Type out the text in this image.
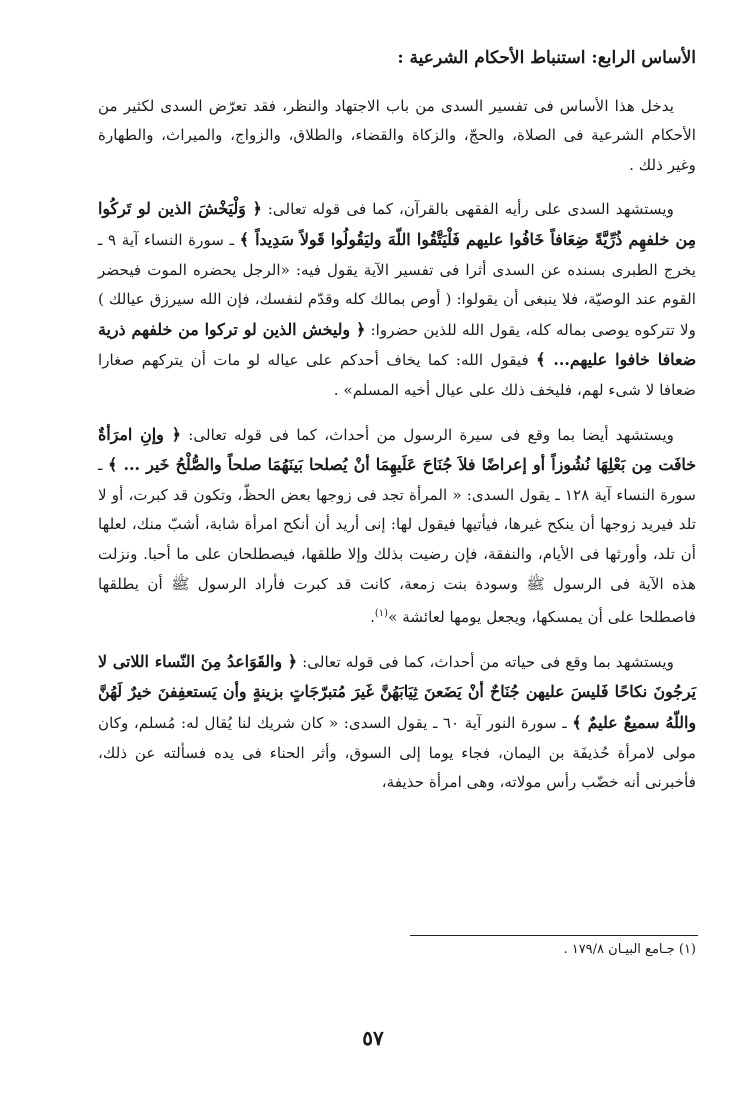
الأساس الرابع: استنباط الأحكام الشرعية :

يدخل هذا الأساس فى تفسير السدى من باب الاجتهاد والنظر، فقد تعرّض السدى لكثير من الأحكام الشرعية فى الصلاة، والحجّ، والزكاة والقضاء، والطلاق، والزواج، والميراث، والطهارة وغير ذلك .

ويستشهد السدى على رأيه الفقهى بالقرآن، كما فى قوله تعالى: ﴿ وَلْيَخْشَ الذين لو تَركُوا مِن خلفهِم ذُرِّيَّةً ضِعَافاً خَافُوا عليهم فَلْيَتَّقُوا اللّهَ وليَقُولُوا قَولاً سَدِيداً ﴾ ـ سورة النساء آية ٩ ـ يخرج الطبرى بسنده عن السدى أثرا فى تفسير الآية يقول فيه: «الرجل يحضره الموت فيحضر القوم عند الوصيّة، فلا ينبغى أن يقولوا: ( أوص بمالك كله وقدّم لنفسك، فإن الله سيرزق عيالك ) ولا تتركوه يوصى بماله كله، يقول الله للذين حضروا: ﴿ وليخش الذين لو تركوا من خلفهم ذرية ضعافا خافوا عليهم... ﴾ فيقول الله: كما يخاف أحدكم على عياله لو مات أن يتركهم صغارا ضعافا لا شىء لهم، فليخف ذلك على عيال أخيه المسلم» .

ويستشهد أيضا بما وقع فى سيرة الرسول من أحداث، كما فى قوله تعالى: ﴿ وإنِ امرَأةٌ خافَت مِن بَعْلِهَا نُشُوزاً أو إعراضًا فلاَ جُنَاحَ عَلَيهِمَا أنْ يُصلحا بَينَهُمَا صلحاً والصُّلْحُ خَير ... ﴾ ـ سورة النساء آية ١٢٨ ـ يقول السدى: « المرأة تجد فى زوجها بعض الحظّ، وتكون قد كبرت، أو لا تلد فيريد زوجها أن ينكح غيرها، فيأتيها فيقول لها: إنى أريد أن أنكح امرأة شابة، أشبّ منك، لعلها أن تلد، وأورثها فى الأيام، والنفقة، فإن رضيت بذلك وإلا طلقها، فيصطلحان على ما أحبا. ونزلت هذه الآية فى الرسول ﷺ وسودة بنت زمعة، كانت قد كبرت فأراد الرسول ﷺ أن يطلقها فاصطلحا على أن يمسكها، ويجعل يومها لعائشة »$^{(١)}$.

ويستشهد بما وقع فى حياته من أحداث، كما فى قوله تعالى: ﴿ والقَوَاعدُ مِنَ النّساء اللاتى لا يَرجُونَ نكاحًا فَليسَ عليهن جُنَاحٌ أنْ يَضَعنَ ثِيَابَهُنَّ غَيرَ مُتبرّجَاتٍ بزينةٍ وأن يَستعفِفنَ خيرٌ لَهُنَّ واللّهُ سميعٌ عليمٌ ﴾ ـ سورة النور آية ٦٠ ـ يقول السدى: « كان شريك لنا يُقال له: مُسلم، وكان مولى لامرأة حُذيفَة بن اليمان، فجاء يوما إلى السوق، وأثر الحناء فى يده فسألته عن ذلك، فأخبرنى أنه خضّب رأس مولاته، وهى امرأة حذيفة،

(١) جـامع البيـان ١٧٩/٨ .
٥٧
